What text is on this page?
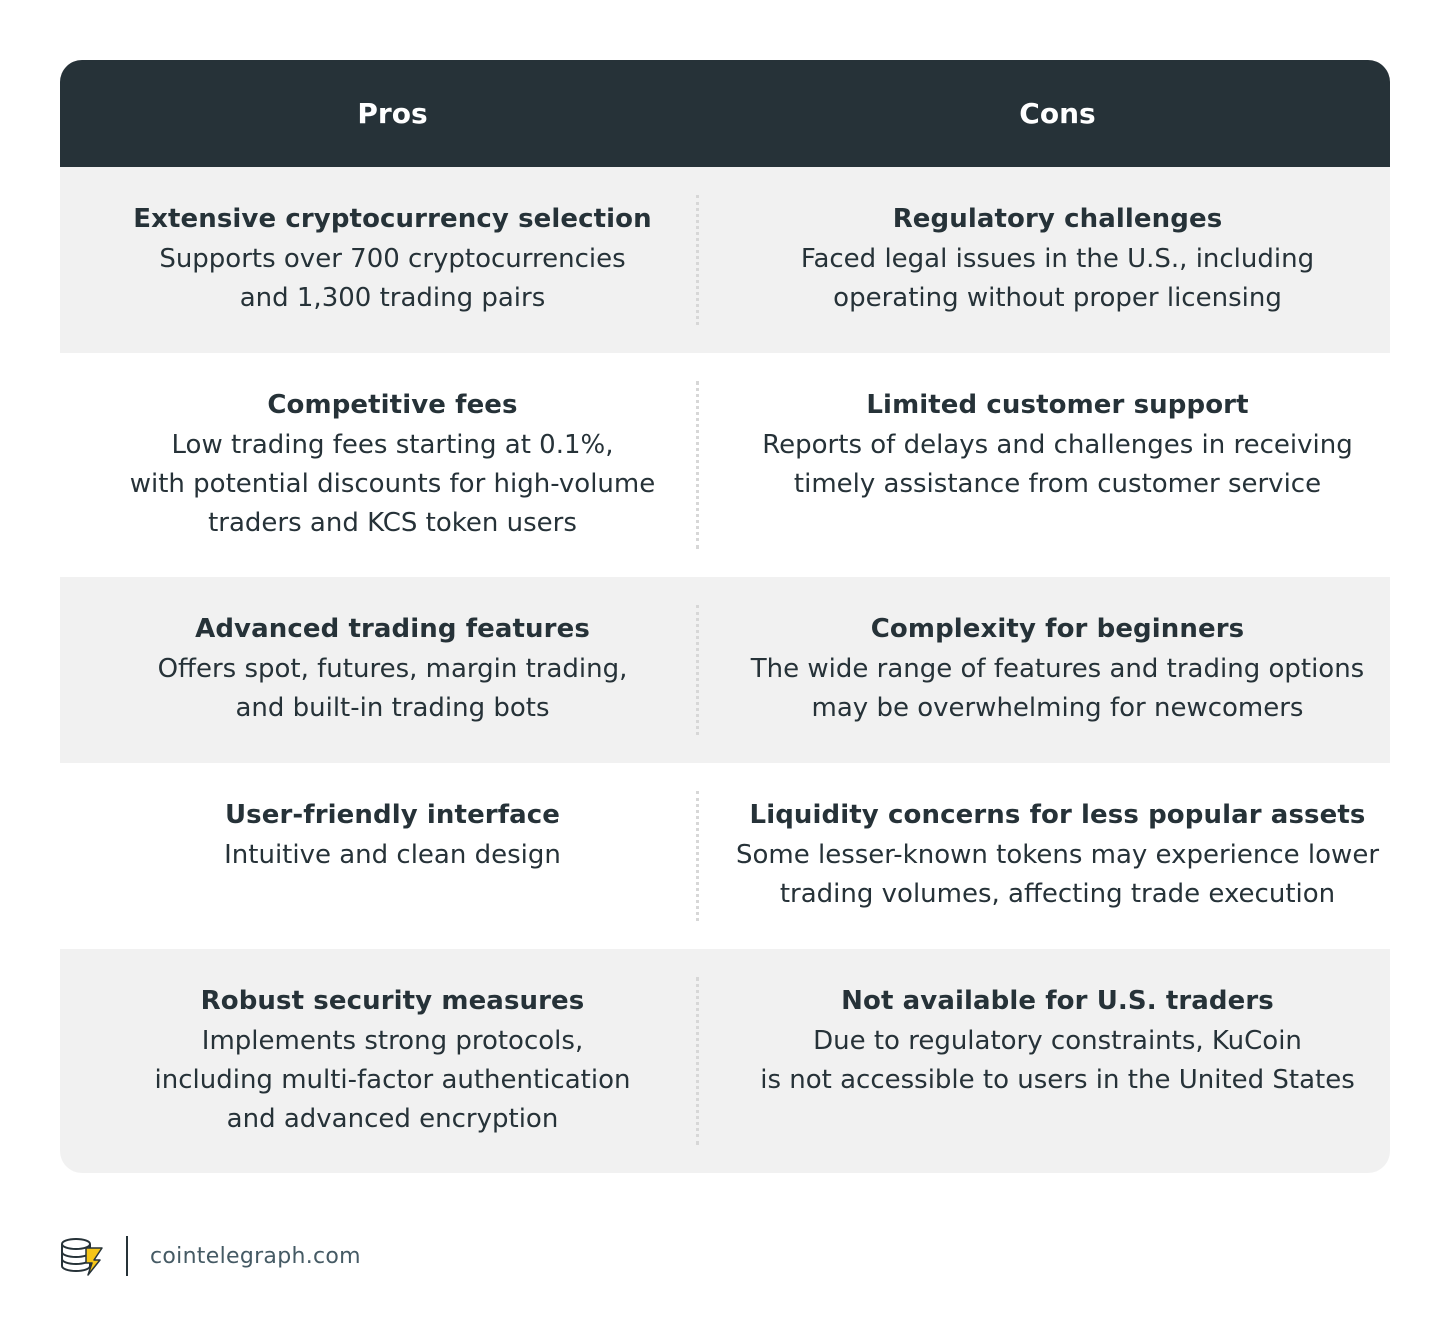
Pros	Cons
Extensive cryptocurrency selection
Supports over 700 cryptocurrencies
and 1,300 trading pairs
Regulatory challenges
Faced legal issues in the U.S., including
operating without proper licensing
Competitive fees
Low trading fees starting at 0.1%,
with potential discounts for high-volume
traders and KCS token users
Limited customer support
Reports of delays and challenges in receiving
timely assistance from customer service
Advanced trading features
Offers spot, futures, margin trading,
and built-in trading bots
Complexity for beginners
The wide range of features and trading options
may be overwhelming for newcomers
User-friendly interface
Intuitive and clean design
Liquidity concerns for less popular assets
Some lesser-known tokens may experience lower
trading volumes, affecting trade execution
Robust security measures
Implements strong protocols,
including multi-factor authentication
and advanced encryption
Not available for U.S. traders
Due to regulatory constraints, KuCoin
is not accessible to users in the United States
cointelegraph.com
